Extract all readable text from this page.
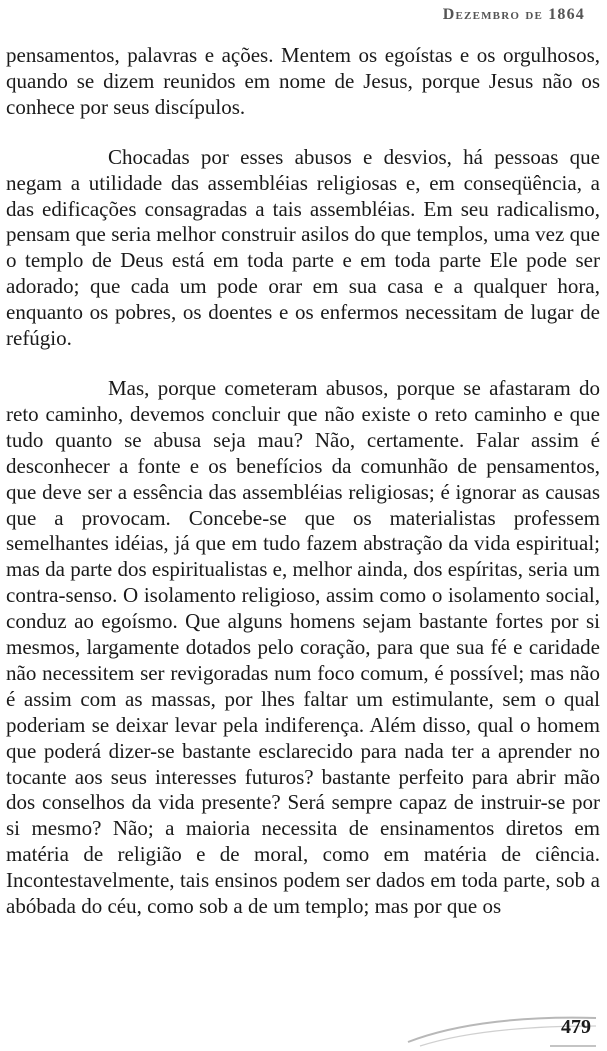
Dezembro de 1864

pensamentos, palavras e ações. Mentem os egoístas e os orgulhosos, quando se dizem reunidos em nome de Jesus, porque Jesus não os conhece por seus discípulos.

Chocadas por esses abusos e desvios, há pessoas que negam a utilidade das assembléias religiosas e, em conseqüência, a das edificações consagradas a tais assembléias. Em seu radicalismo, pensam que seria melhor construir asilos do que templos, uma vez que o templo de Deus está em toda parte e em toda parte Ele pode ser adorado; que cada um pode orar em sua casa e a qualquer hora, enquanto os pobres, os doentes e os enfermos necessitam de lugar de refúgio.

Mas, porque cometeram abusos, porque se afastaram do reto caminho, devemos concluir que não existe o reto caminho e que tudo quanto se abusa seja mau? Não, certamente. Falar assim é desconhecer a fonte e os benefícios da comunhão de pensamentos, que deve ser a essência das assembléias religiosas; é ignorar as causas que a provocam. Concebe-se que os materialistas professem semelhantes idéias, já que em tudo fazem abstração da vida espiritual; mas da parte dos espiritualistas e, melhor ainda, dos espíritas, seria um contra-senso. O isolamento religioso, assim como o isolamento social, conduz ao egoísmo. Que alguns homens sejam bastante fortes por si mesmos, largamente dotados pelo coração, para que sua fé e caridade não necessitem ser revigoradas num foco comum, é possível; mas não é assim com as massas, por lhes faltar um estimulante, sem o qual poderiam se deixar levar pela indiferença. Além disso, qual o homem que poderá dizer-se bastante esclarecido para nada ter a aprender no tocante aos seus interesses futuros? bastante perfeito para abrir mão dos conselhos da vida presente? Será sempre capaz de instruir-se por si mesmo? Não; a maioria necessita de ensinamentos diretos em matéria de religião e de moral, como em matéria de ciência. Incontestavelmente, tais ensinos podem ser dados em toda parte, sob a abóbada do céu, como sob a de um templo; mas por que os

479
